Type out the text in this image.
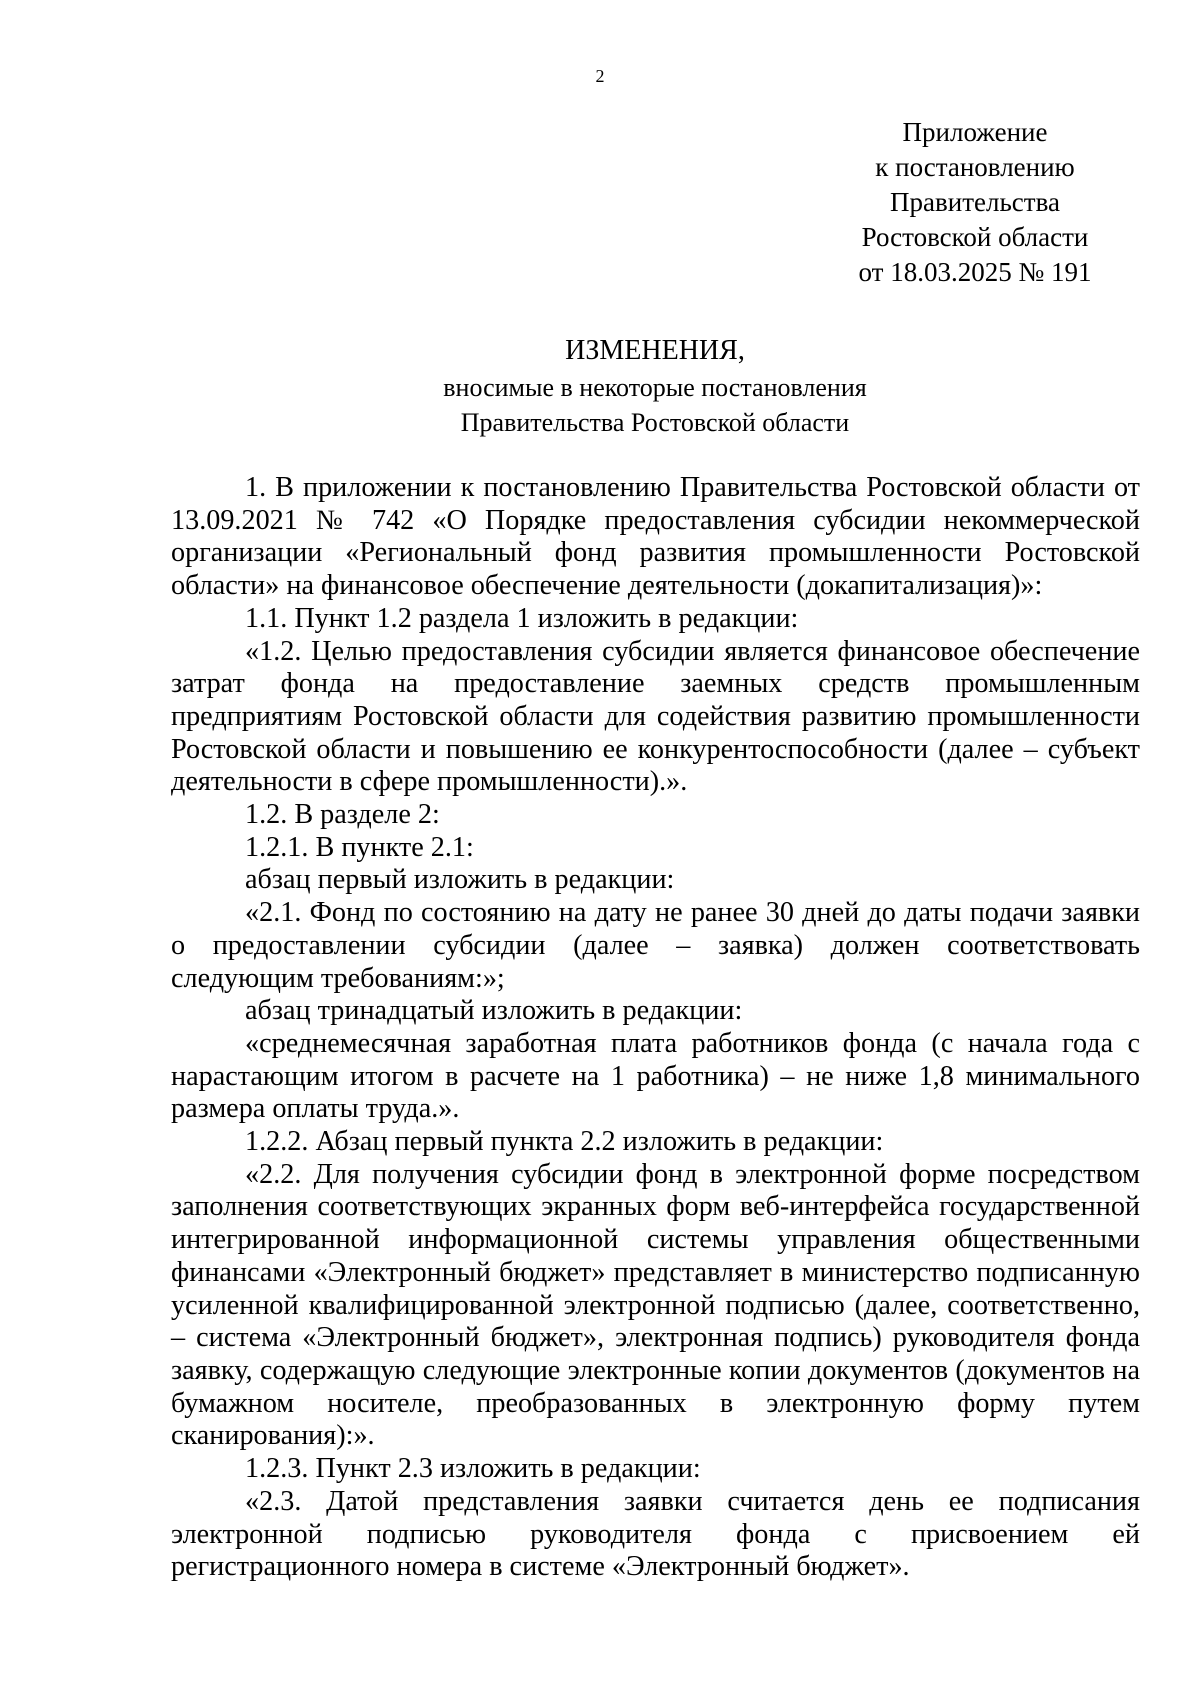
2
Приложение
к постановлению
Правительства
Ростовской области
от 18.03.2025 № 191
ИЗМЕНЕНИЯ,
вносимые в некоторые постановления
Правительства Ростовской области

1. В приложении к постановлению Правительства Ростовской области от 13.09.2021 № 742 «О Порядке предоставления субсидии некоммерческой организации «Региональный фонд развития промышленности Ростовской области» на финансовое обеспечение деятельности (докапитализация)»:

1.1. Пункт 1.2 раздела 1 изложить в редакции:

«1.2. Целью предоставления субсидии является финансовое обеспечение затрат фонда на предоставление заемных средств промышленным предприятиям Ростовской области для содействия развитию промышленности Ростовской области и повышению ее конкурентоспособности (далее – субъект деятельности в сфере промышленности).».

1.2. В разделе 2:

1.2.1. В пункте 2.1:

абзац первый изложить в редакции:

«2.1. Фонд по состоянию на дату не ранее 30 дней до даты подачи заявки о предоставлении субсидии (далее – заявка) должен соответствовать следующим требованиям:»;

абзац тринадцатый изложить в редакции:

«среднемесячная заработная плата работников фонда (с начала года с нарастающим итогом в расчете на 1 работника) – не ниже 1,8 минимального размера оплаты труда.».

1.2.2. Абзац первый пункта 2.2 изложить в редакции:

«2.2. Для получения субсидии фонд в электронной форме посредством заполнения соответствующих экранных форм веб-интерфейса государственной интегрированной информационной системы управления общественными финансами «Электронный бюджет» представляет в министерство подписанную усиленной квалифицированной электронной подписью (далее, соответственно, – система «Электронный бюджет», электронная подпись) руководителя фонда заявку, содержащую следующие электронные копии документов (документов на бумажном носителе, преобразованных в электронную форму путем сканирования):».

1.2.3. Пункт 2.3 изложить в редакции:

«2.3. Датой представления заявки считается день ее подписания электронной подписью руководителя фонда с присвоением ей регистрационного номера в системе «Электронный бюджет».
